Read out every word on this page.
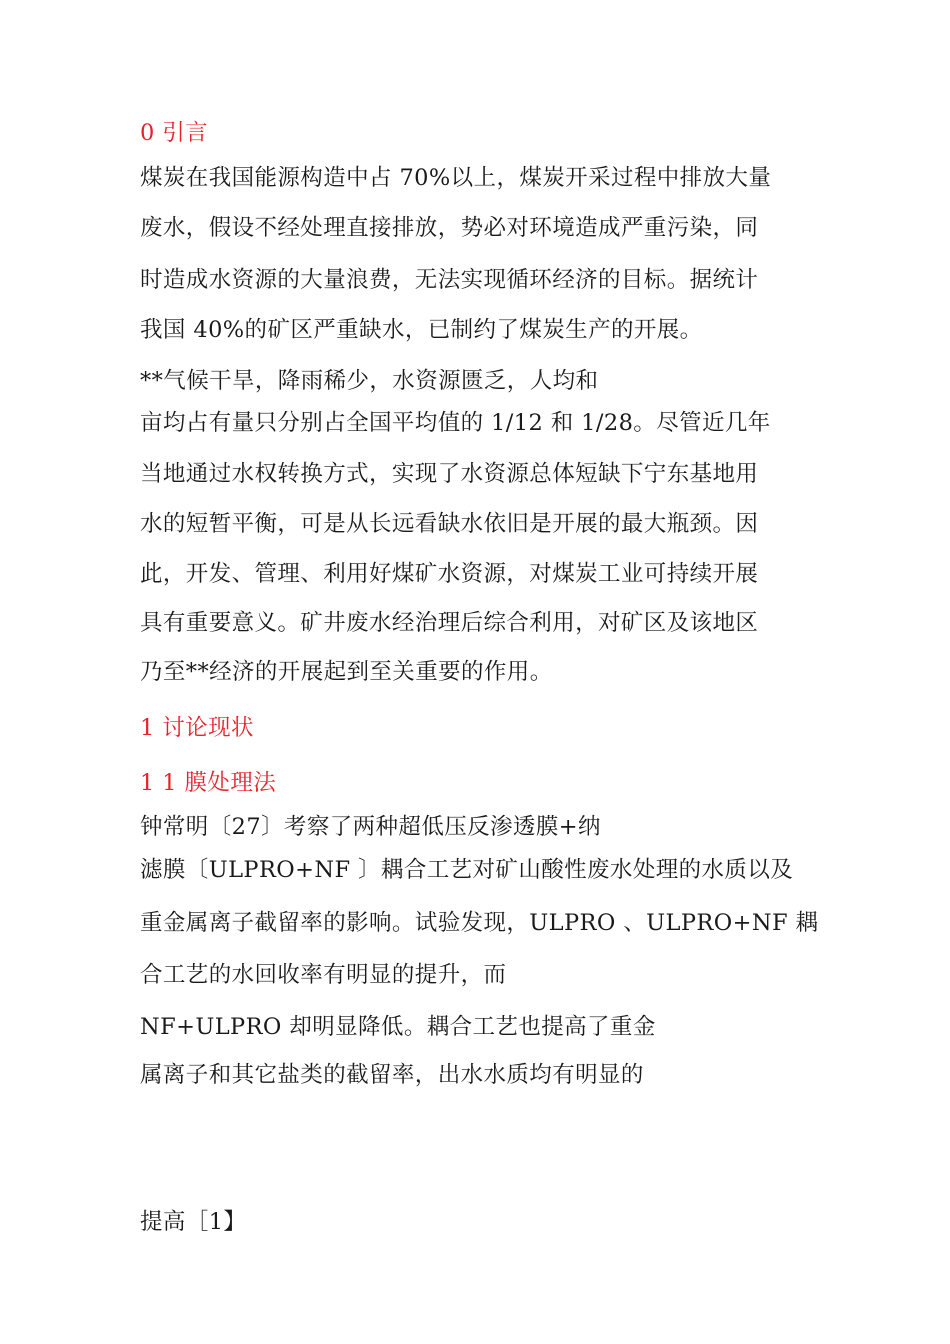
0 引言
煤炭在我国能源构造中占 70%以上，煤炭开采过程中排放大量
废水，假设不经处理直接排放，势必对环境造成严重污染，同
时造成水资源的大量浪费，无法实现循环经济的目标。据统计
我国 40%的矿区严重缺水，已制约了煤炭生产的开展。
**气候干旱，降雨稀少，水资源匮乏，人均和
亩均占有量只分别占全国平均值的 1/12 和 1/28。尽管近几年
当地通过水权转换方式，实现了水资源总体短缺下宁东基地用
水的短暂平衡，可是从长远看缺水依旧是开展的最大瓶颈。因
此，开发、管理、利用好煤矿水资源，对煤炭工业可持续开展
具有重要意义。矿井废水经治理后综合利用，对矿区及该地区
乃至**经济的开展起到至关重要的作用。
1 讨论现状
1 1 膜处理法
钟常明〔27〕考察了两种超低压反渗透膜+纳
滤膜〔ULPRO+NF 〕耦合工艺对矿山酸性废水处理的水质以及
重金属离子截留率的影响。试验发现，ULPRO 、ULPRO+NF 耦
合工艺的水回收率有明显的提升，而
NF+ULPRO 却明显降低。耦合工艺也提高了重金
属离子和其它盐类的截留率，出水水质均有明显的
提高［1】
